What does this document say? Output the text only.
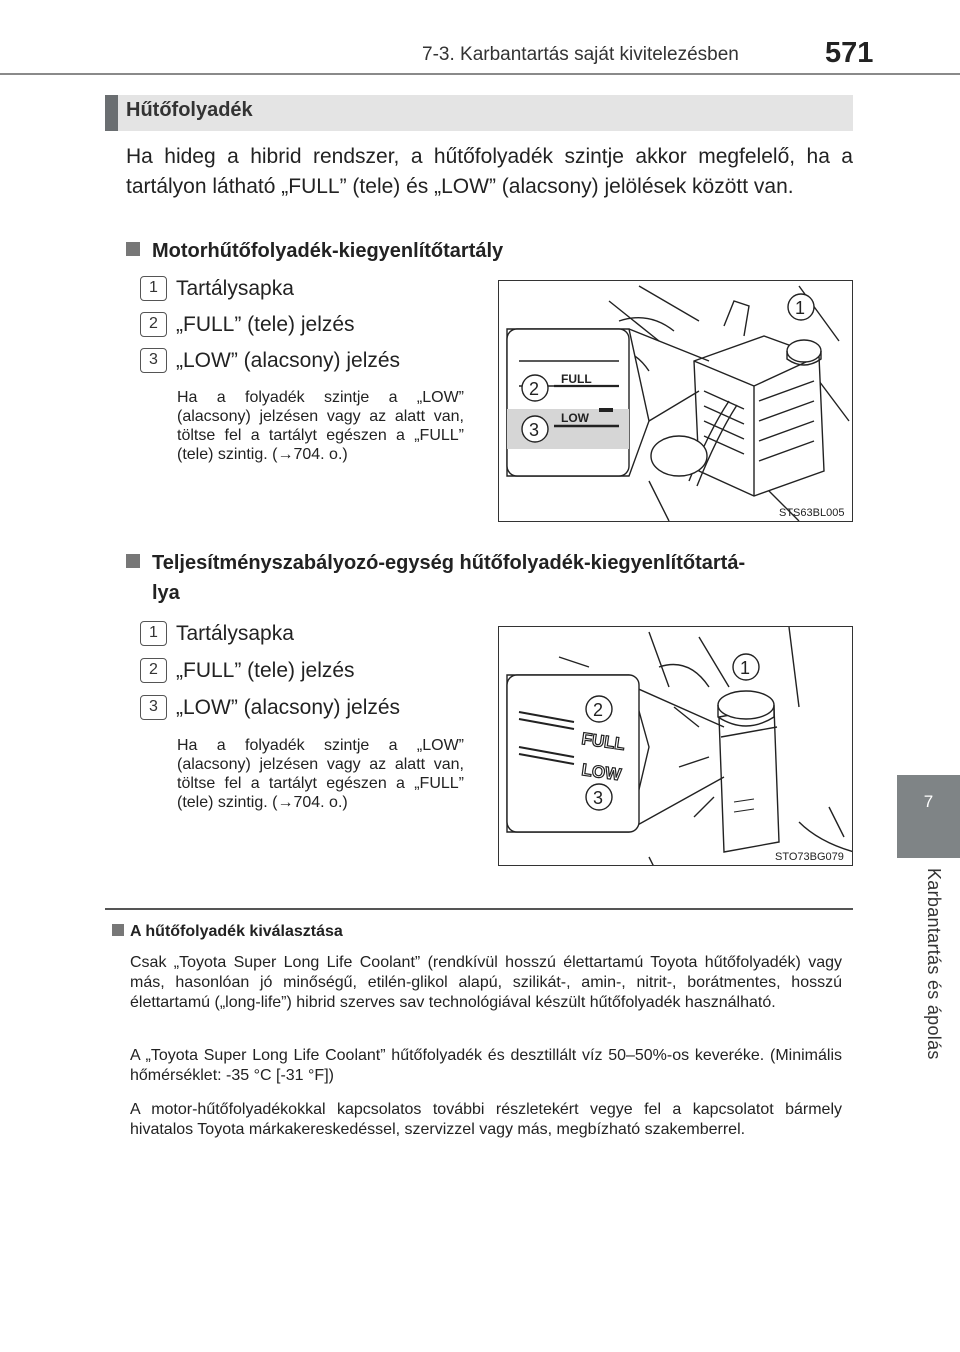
7-3. Karbantartás saját kivitelezésben	571
7
Karbantartás és ápolás
Hűtőfolyadék
Ha hideg a hibrid rendszer, a hűtőfolyadék szintje akkor megfelelő, ha a tartályon látható „FULL” (tele) és „LOW” (alacsony) jelölések között van.
Motorhűtőfolyadék-kiegyenlítőtartály
1 Tartálysapka
2 „FULL” (tele) jelzés
3 „LOW” (alacsony) jelzés
Ha a folyadék szintje a „LOW” (alacsony) jelzésen vagy az alatt van, töltse fel a tartályt egészen a „FULL” (tele) szintig. (→704. o.)
FULL
LOW
1
2
3
STS63BL005
Teljesítményszabályozó-egység hűtőfolyadék-kiegyenlítőtartá-
lya
1 Tartálysapka
2 „FULL” (tele) jelzés
3 „LOW” (alacsony) jelzés
Ha a folyadék szintje a „LOW” (alacsony) jelzésen vagy az alatt van, töltse fel a tartályt egészen a „FULL” (tele) szintig. (→704. o.)
FULL
LOW
1
2
3
STO73BG079
A hűtőfolyadék kiválasztása
Csak „Toyota Super Long Life Coolant” (rendkívül hosszú élettartamú Toyota hűtőfolyadék) vagy más, hasonlóan jó minőségű, etilén-glikol alapú, szilikát-, amin-, nitrit-, borátmentes, hosszú élettartamú („long-life”) hibrid szerves sav technológiával készült hűtőfolyadék használható.
A „Toyota Super Long Life Coolant” hűtőfolyadék és desztillált víz 50–50%-os keveréke. (Minimális hőmérséklet: -35 °C [-31 °F])
A motor-hűtőfolyadékokkal kapcsolatos további részletekért vegye fel a kapcsolatot bármely hivatalos Toyota márkakereskedéssel, szervizzel vagy más, megbízható szakemberrel.
